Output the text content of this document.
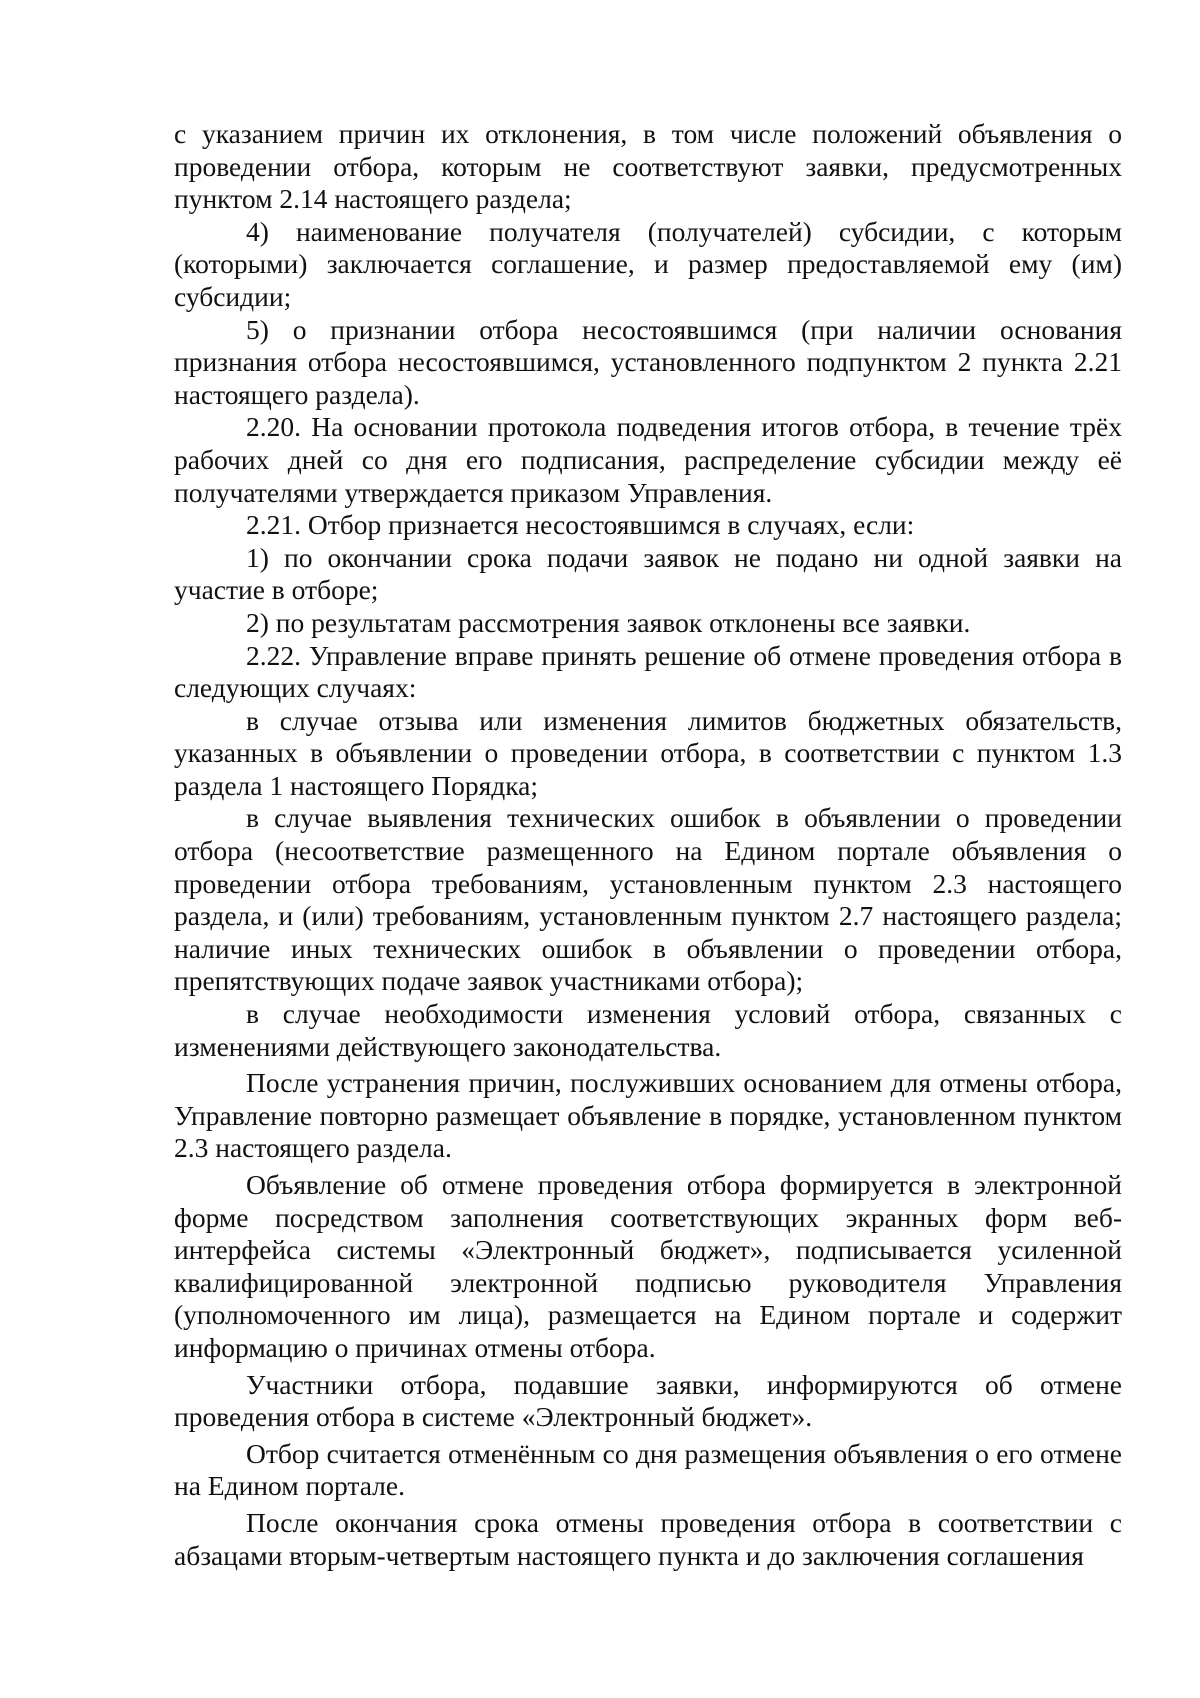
с указанием причин их отклонения, в том числе положений объявления о проведении отбора, которым не соответствуют заявки, предусмотренных пунктом 2.14 настоящего раздела;

4) наименование получателя (получателей) субсидии, с которым (которыми) заключается соглашение, и размер предоставляемой ему (им) субсидии;

5) о признании отбора несостоявшимся (при наличии основания признания отбора несостоявшимся, установленного подпунктом 2 пункта 2.21 настоящего раздела).

2.20. На основании протокола подведения итогов отбора, в течение трёх рабочих дней со дня его подписания, распределение субсидии между её получателями утверждается приказом Управления.

2.21. Отбор признается несостоявшимся в случаях, если:

1) по окончании срока подачи заявок не подано ни одной заявки на участие в отборе;

2) по результатам рассмотрения заявок отклонены все заявки.

2.22. Управление вправе принять решение об отмене проведения отбора в следующих случаях:

в случае отзыва или изменения лимитов бюджетных обязательств, указанных в объявлении о проведении отбора, в соответствии с пунктом 1.3 раздела 1 настоящего Порядка;

в случае выявления технических ошибок в объявлении о проведении отбора (несоответствие размещенного на Едином портале объявления о проведении отбора требованиям, установленным пунктом 2.3 настоящего раздела, и (или) требованиям, установленным пунктом 2.7 настоящего раздела; наличие иных технических ошибок в объявлении о проведении отбора, препятствующих подаче заявок участниками отбора);

в случае необходимости изменения условий отбора, связанных с изменениями действующего законодательства.

После устранения причин, послуживших основанием для отмены отбора, Управление повторно размещает объявление в порядке, установленном пунктом 2.3 настоящего раздела.

Объявление об отмене проведения отбора формируется в электронной форме посредством заполнения соответствующих экранных форм веб-интерфейса системы «Электронный бюджет», подписывается усиленной квалифицированной электронной подписью руководителя Управления (уполномоченного им лица), размещается на Едином портале и содержит информацию о причинах отмены отбора.

Участники отбора, подавшие заявки, информируются об отмене проведения отбора в системе «Электронный бюджет».

Отбор считается отменённым со дня размещения объявления о его отмене на Едином портале.

После окончания срока отмены проведения отбора в соответствии с абзацами вторым-четвертым настоящего пункта и до заключения соглашения
